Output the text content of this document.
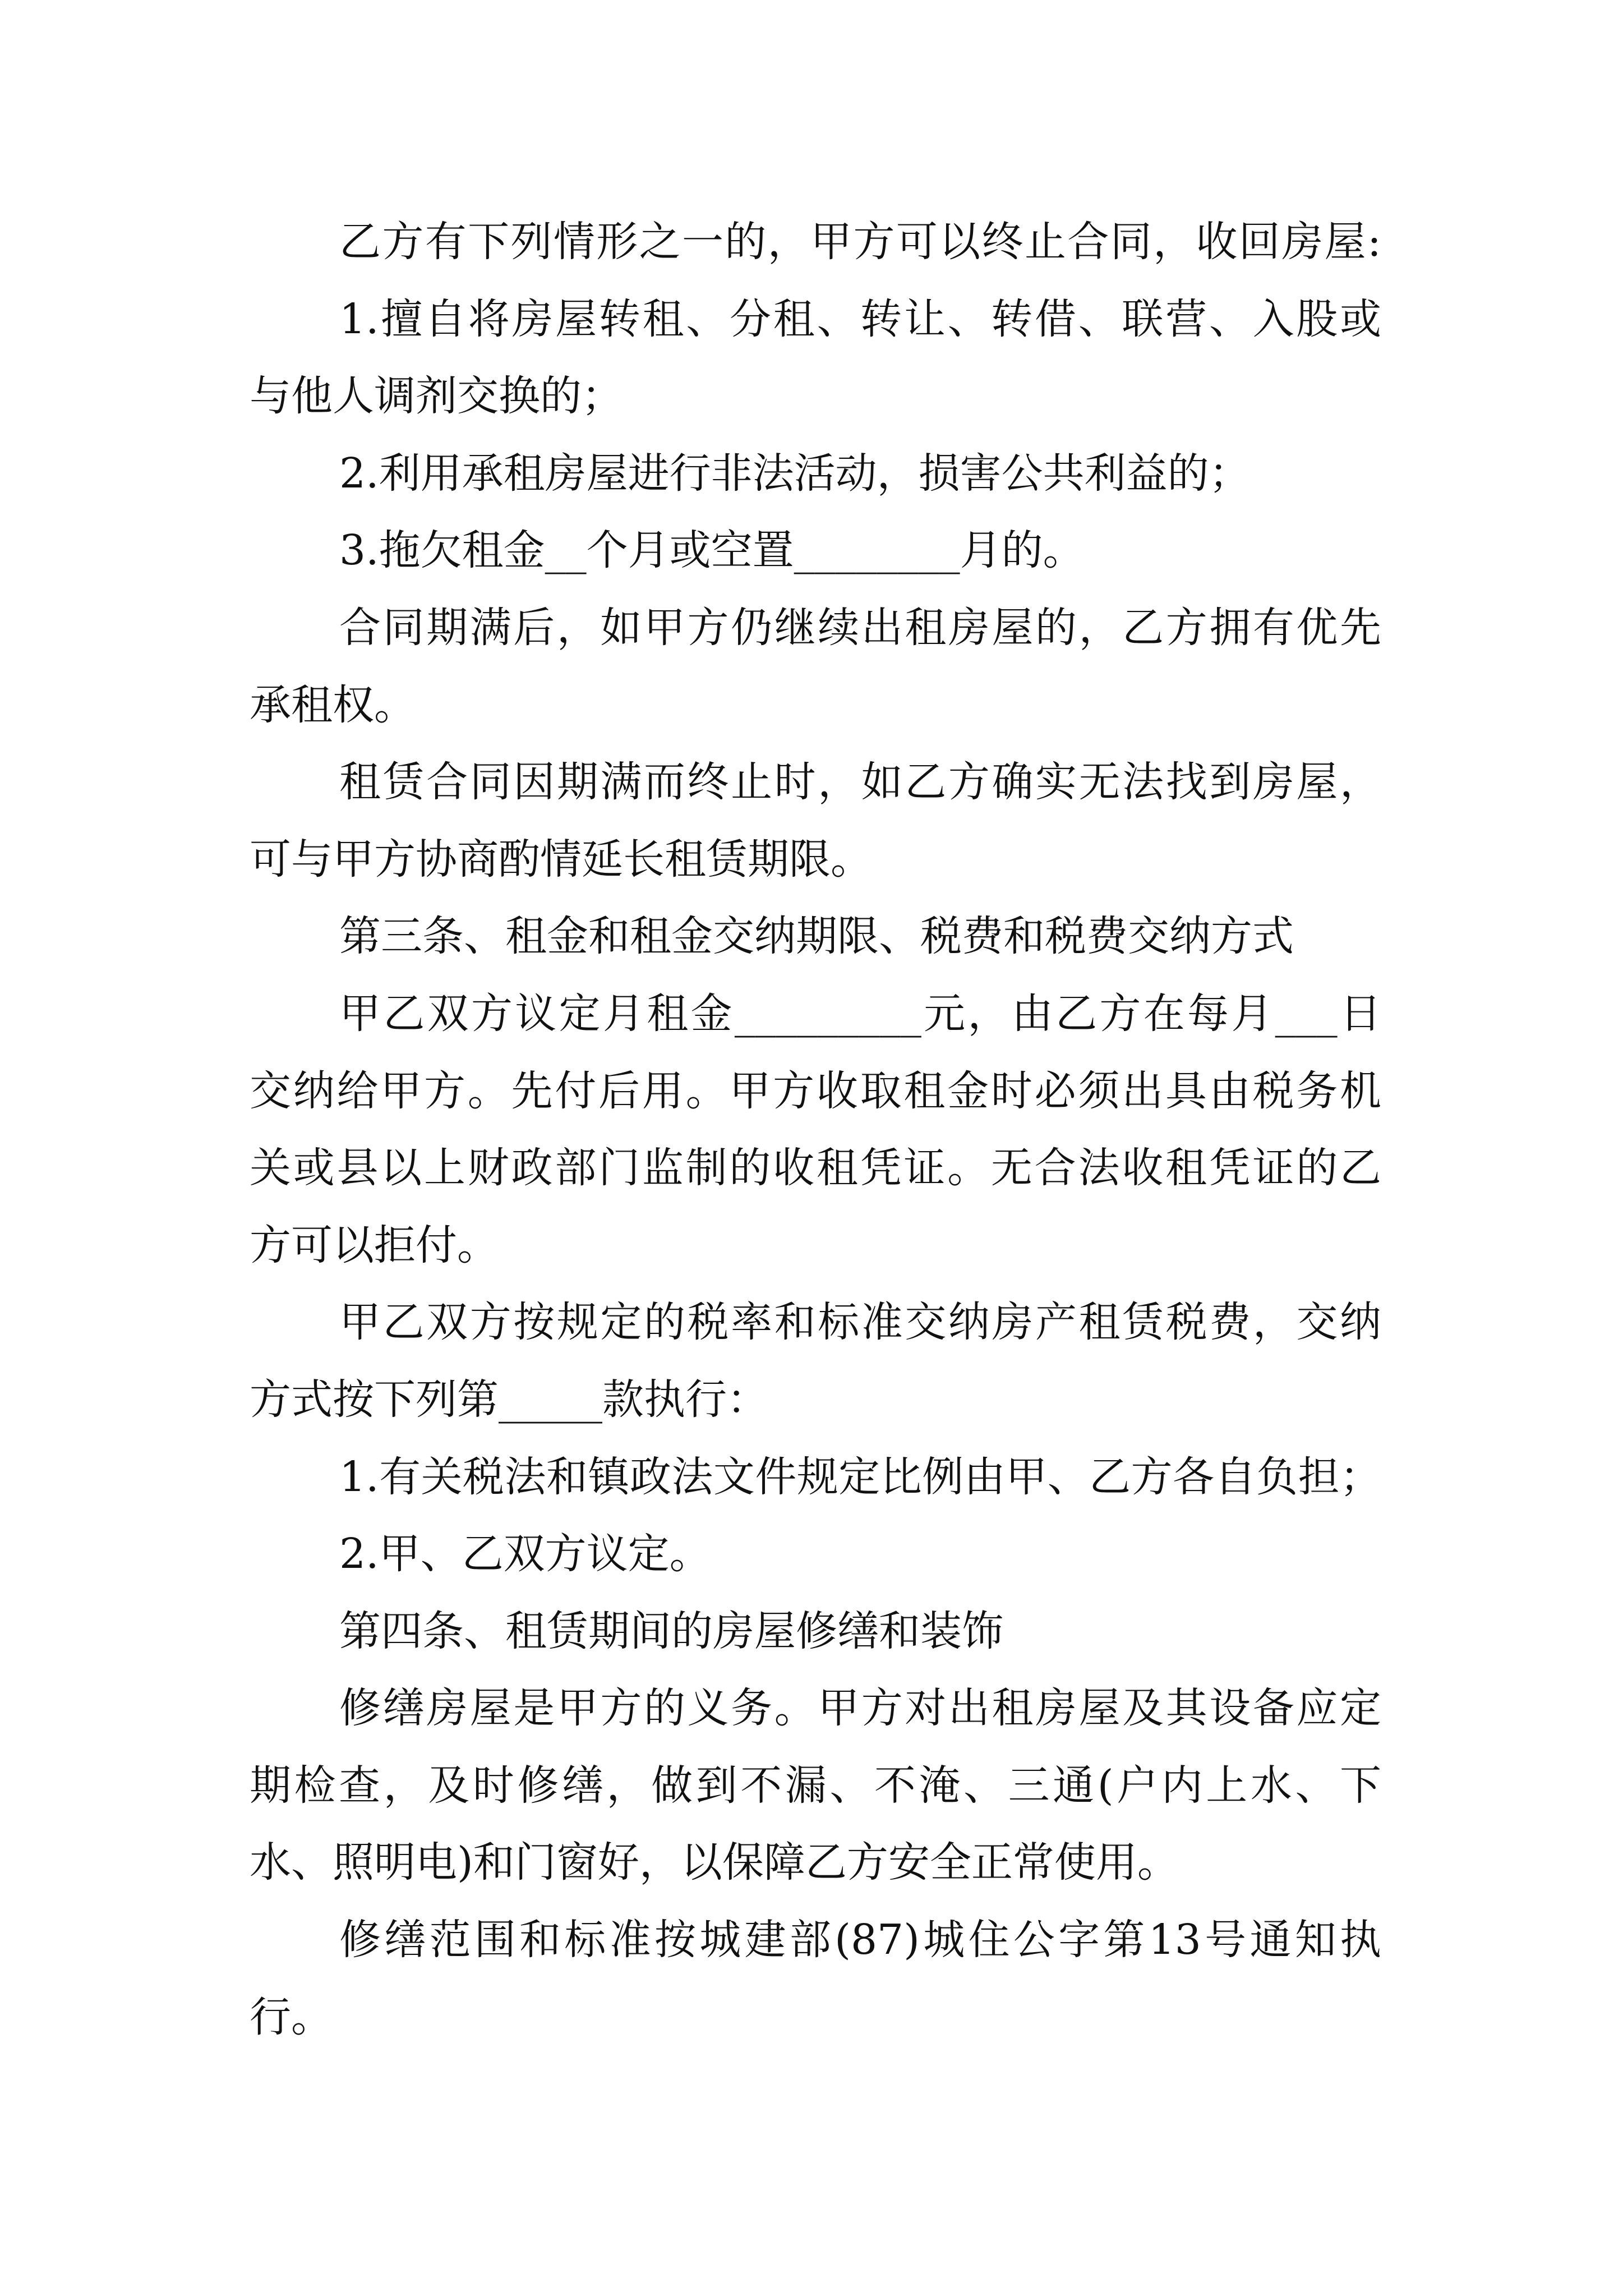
乙方有下列情形之一的，甲方可以终止合同，收回房屋:
1.擅自将房屋转租、分租、转让、转借、联营、入股或
与他人调剂交换的；
2.利用承租房屋进行非法活动，损害公共利益的；
3.拖欠租金__个月或空置________月的。
合同期满后，如甲方仍继续出租房屋的，乙方拥有优先
承租权。
租赁合同因期满而终止时，如乙方确实无法找到房屋，
可与甲方协商酌情延长租赁期限。
第三条、租金和租金交纳期限、税费和税费交纳方式
甲乙双方议定月租金_________元，由乙方在每月___日
交纳给甲方。先付后用。甲方收取租金时必须出具由税务机
关或县以上财政部门监制的收租凭证。无合法收租凭证的乙
方可以拒付。
甲乙双方按规定的税率和标准交纳房产租赁税费，交纳
方式按下列第_____款执行：
1.有关税法和镇政法文件规定比例由甲、乙方各自负担；
2.甲、乙双方议定。
第四条、租赁期间的房屋修缮和装饰
修缮房屋是甲方的义务。甲方对出租房屋及其设备应定
期检查，及时修缮，做到不漏、不淹、三通(户内上水、下
水、照明电)和门窗好，以保障乙方安全正常使用。
修缮范围和标准按城建部(87)城住公字第13号通知执
行。
